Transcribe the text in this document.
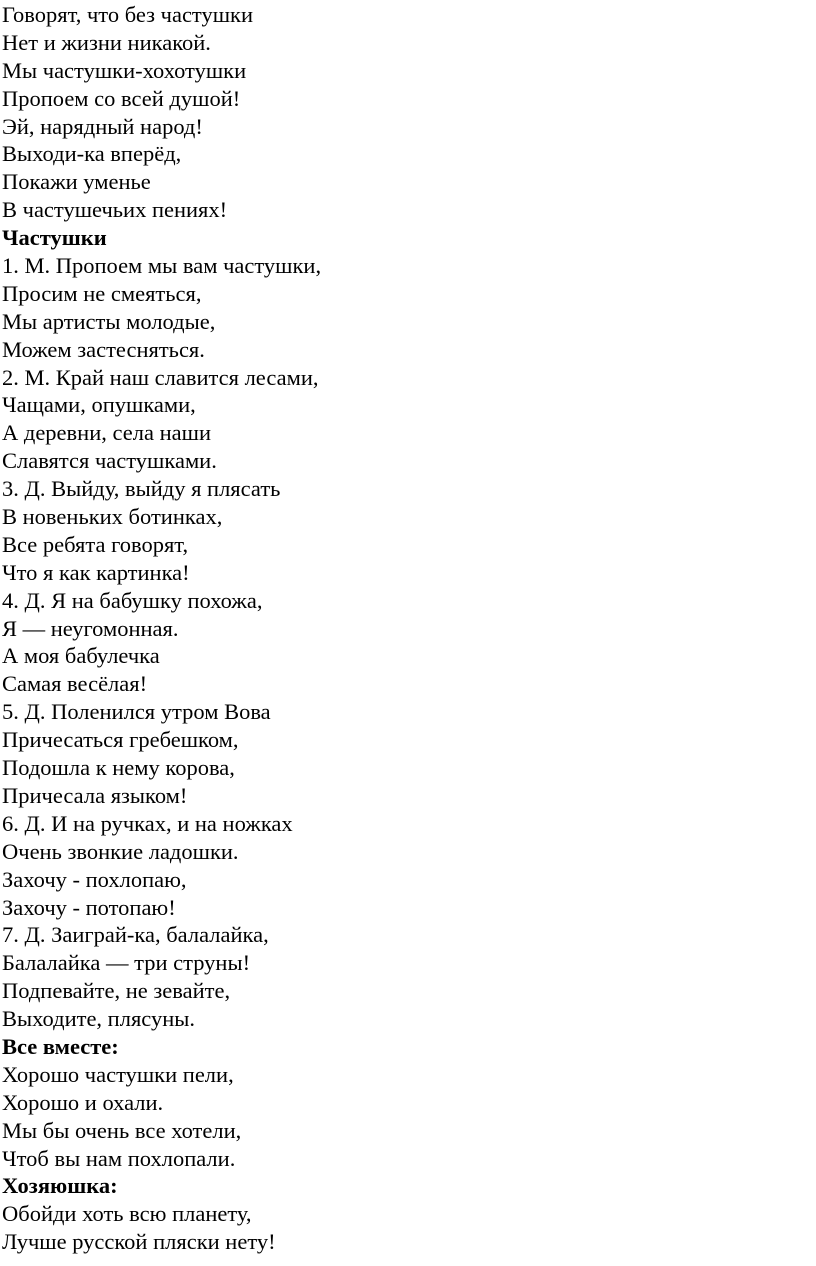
Говорят, что без частушки
Нет и жизни никакой.
Мы частушки-хохотушки
Пропоем со всей душой!
Эй, нарядный народ!
Выходи-ка вперёд,
Покажи уменье
В частушечьих пениях!
Частушки
1. М. Пропоем мы вам частушки,
Просим не смеяться,
Мы артисты молодые,
Можем застесняться.
2. М. Край наш славится лесами,
Чащами, опушками,
А деревни, села наши
Славятся частушками.
3. Д. Выйду, выйду я плясать
В новеньких ботинках,
Все ребята говорят,
Что я как картинка!
4. Д. Я на бабушку похожа,
Я — неугомонная.
А моя бабулечка
Самая весёлая!
5. Д. Поленился утром Вова
Причесаться гребешком,
Подошла к нему корова,
Причесала языком!
6. Д. И на ручках, и на ножках
Очень звонкие ладошки.
Захочу - похлопаю,
Захочу - потопаю!
7. Д. Заиграй-ка, балалайка,
Балалайка — три струны!
Подпевайте, не зевайте,
Выходите, плясуны.
Все вместе:
Хорошо частушки пели,
Хорошо и охали.
Мы бы очень все хотели,
Чтоб вы нам похлопали.
Хозяюшка:
Обойди хоть всю планету,
Лучше русской пляски нету!
